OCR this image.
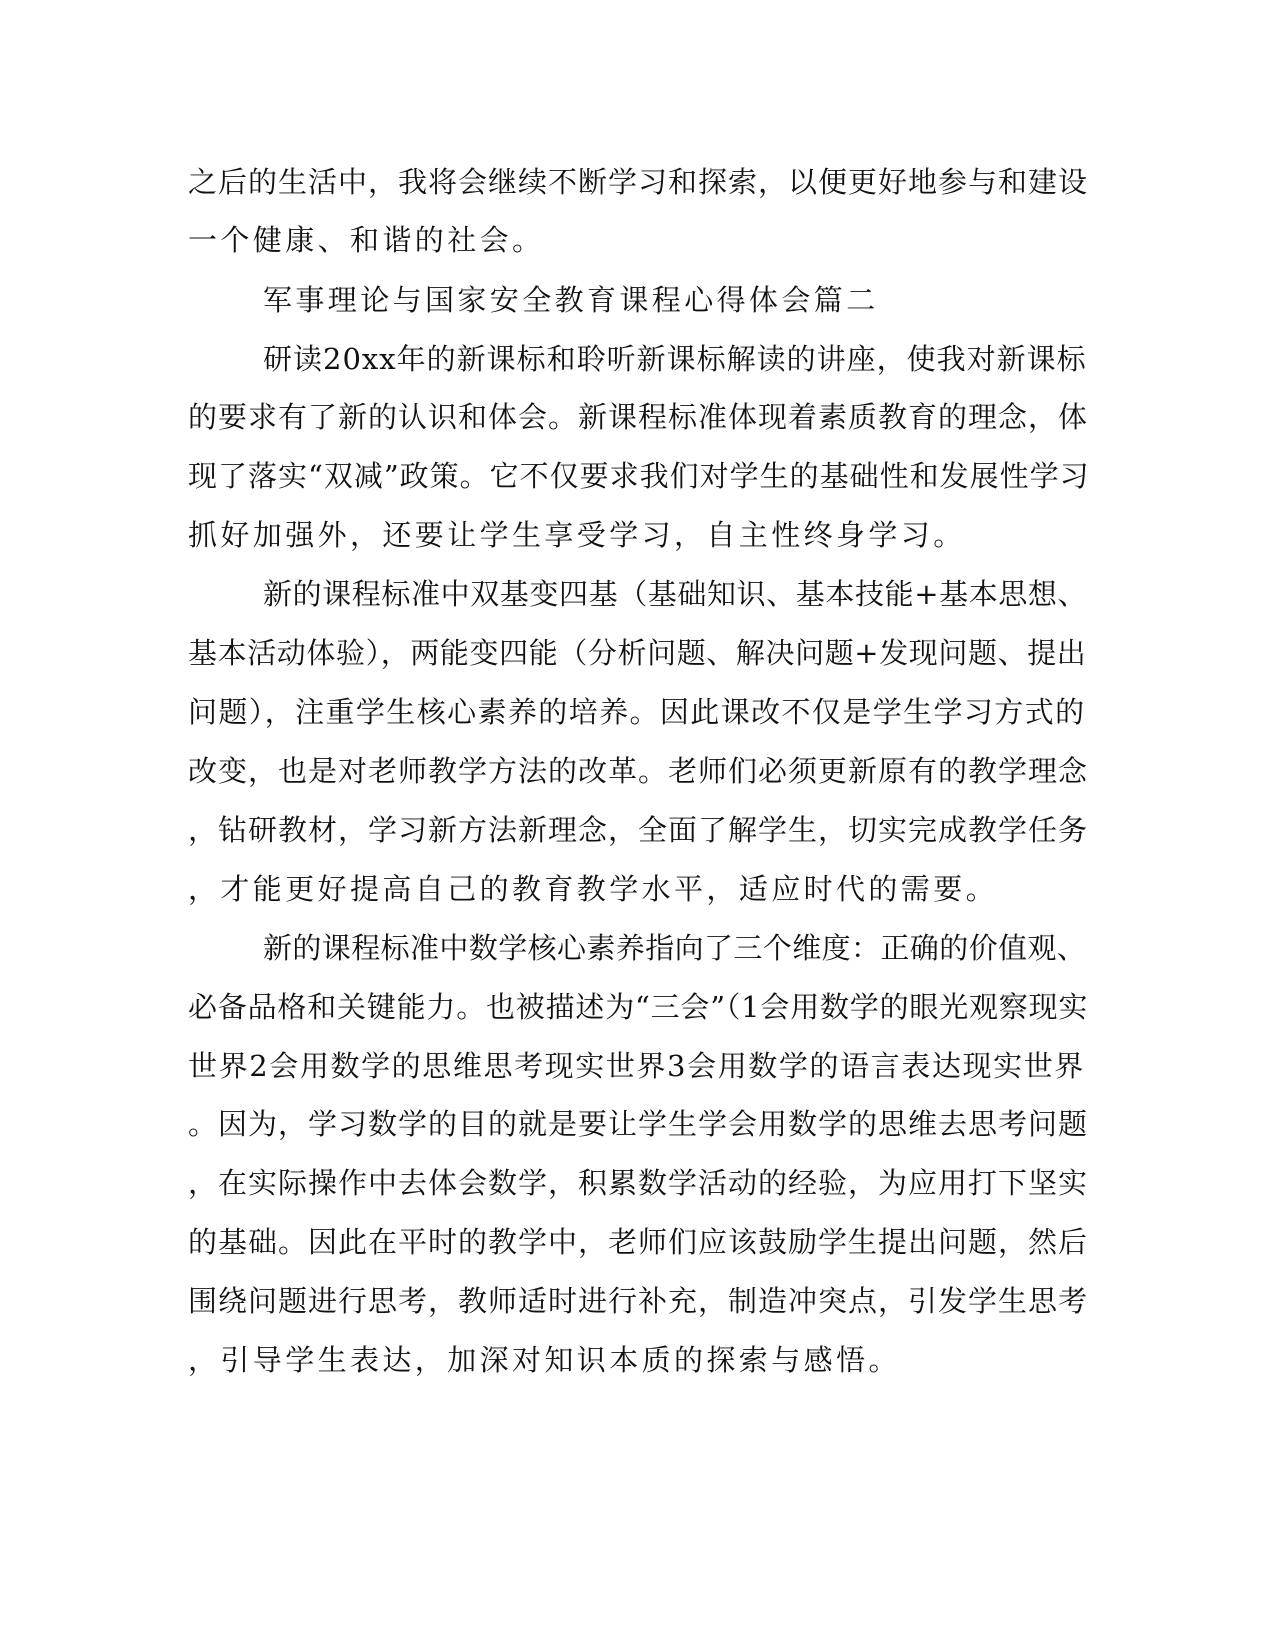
之后的生活中，我将会继续不断学习和探索，以便更好地参与和建设

一个健康、和谐的社会。

军事理论与国家安全教育课程心得体会篇二

研读20xx年的新课标和聆听新课标解读的讲座，使我对新课标

的要求有了新的认识和体会。新课程标准体现着素质教育的理念，体

现了落实“双减”政策。它不仅要求我们对学生的基础性和发展性学习

抓好加强外，还要让学生享受学习，自主性终身学习。

新的课程标准中双基变四基（基础知识、基本技能+基本思想、

基本活动体验），两能变四能（分析问题、解决问题+发现问题、提出

问题），注重学生核心素养的培养。因此课改不仅是学生学习方式的

改变，也是对老师教学方法的改革。老师们必须更新原有的教学理念

，钻研教材，学习新方法新理念，全面了解学生，切实完成教学任务

，才能更好提高自己的教育教学水平，适应时代的需要。

新的课程标准中数学核心素养指向了三个维度：正确的价值观、

必备品格和关键能力。也被描述为“三会”（1会用数学的眼光观察现实

世界2会用数学的思维思考现实世界3会用数学的语言表达现实世界

。因为，学习数学的目的就是要让学生学会用数学的思维去思考问题

，在实际操作中去体会数学，积累数学活动的经验，为应用打下坚实

的基础。因此在平时的教学中，老师们应该鼓励学生提出问题，然后

围绕问题进行思考，教师适时进行补充，制造冲突点，引发学生思考

，引导学生表达，加深对知识本质的探索与感悟。
